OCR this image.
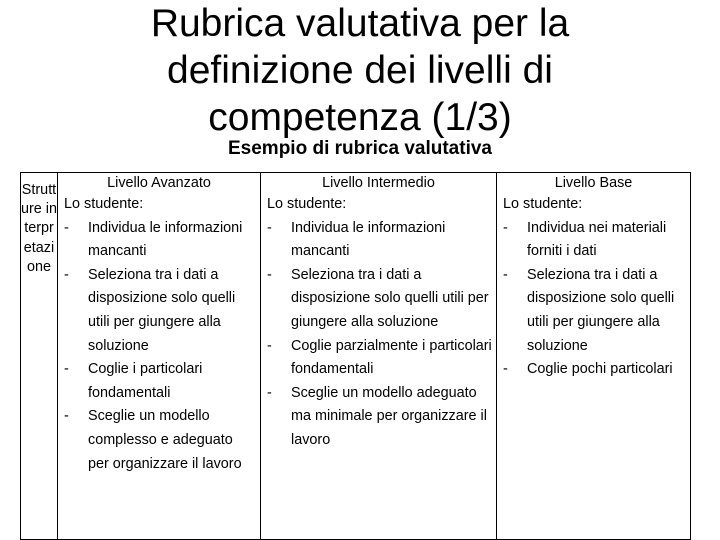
Rubrica valutativa per la definizione dei livelli di competenza (1/3)
Esempio di rubrica valutativa
Strutture interpretazione	
Livello Avanzato
Lo studente:
-	Individua le informazioni mancanti
-	Seleziona tra i dati a disposizione solo quelli utili per giungere alla soluzione
-	Coglie i particolari fondamentali
-	Sceglie un modello complesso e adeguato per organizzare il lavoro

Livello Intermedio
Lo studente:
-	Individua le informazioni mancanti
-	Seleziona tra i dati a disposizione solo quelli utili per giungere alla soluzione
-	Coglie parzialmente i particolari fondamentali
-	Sceglie un modello adeguato ma minimale per organizzare il lavoro

Livello Base
Lo studente:
-	Individua nei materiali forniti i dati
-	Seleziona tra i dati a disposizione solo quelli utili per giungere alla soluzione
-	Coglie pochi particolari
